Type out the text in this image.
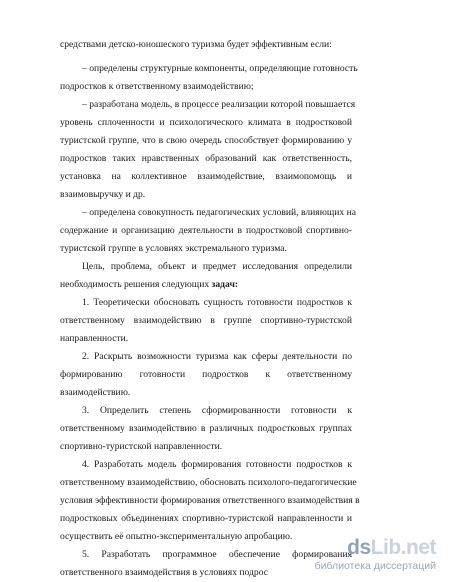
средствами детско-юношеского туризма будет эффективным если:
– определены структурные компоненты, определяющие готовность
подростков к ответственному взаимодействию;
– разработана модель, в процессе реализации которой повышается
уровень сплоченности и психологического климата в подростковой
туристской группе, что в свою очередь способствует формированию у
подростков таких нравственных образований как ответственность,
установка на коллективное взаимодействие, взаимопомощь и
взаимовыручку и др.
– определена совокупность педагогических условий, влияющих на
содержание и организацию деятельности в подростковой спортивно-
туристской группе в условиях экстремального туризма.
Цель, проблема, объект и предмет исследования определили
необходимость решения следующих задач:
1. Теоретически обосновать сущность готовности подростков к
ответственному взаимодействию в группе спортивно-туристской
направленности.
2. Раскрыть возможности туризма как сферы деятельности по
формированию готовности подростков к ответственному
взаимодействию.
3. Определить степень сформированности готовности к
ответственному взаимодействию в различных подростковых группах
спортивно-туристской направленности.
4. Разработать модель формирования готовности подростков к
ответственному взаимодействию, обосновать психолого-педагогические
условия эффективности формирования ответственного взаимодействия в
подростковых объединениях спортивно-туристской направленности и
осуществить её опытно-экспериментальную апробацию.
5. Разработать программное обеспечение формирования
ответственного взаимодействия в условиях подрос
dsLib.net
библиотека диссертаций
